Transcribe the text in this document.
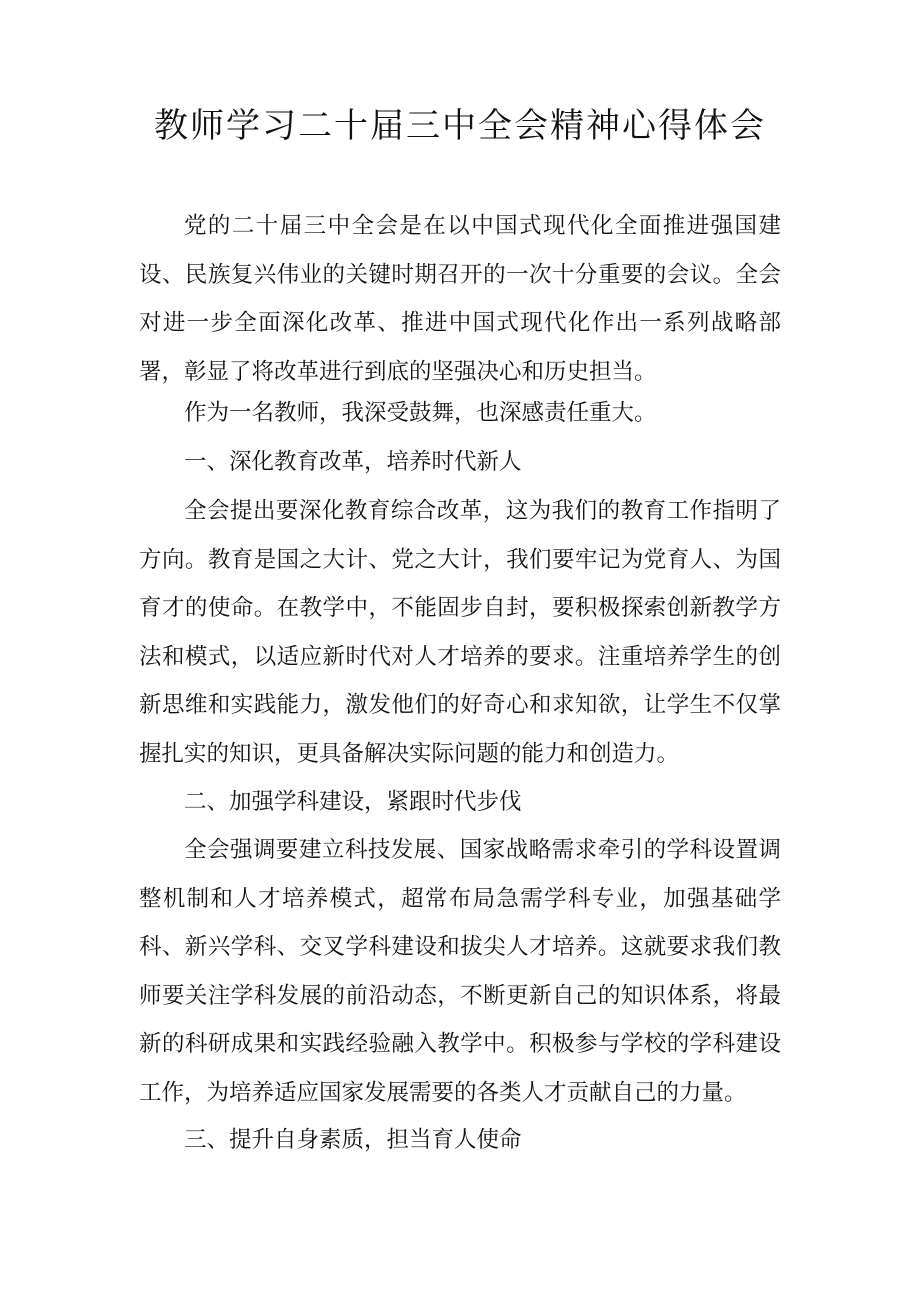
教师学习二十届三中全会精神心得体会

党的二十届三中全会是在以中国式现代化全面推进强国建设、民族复兴伟业的关键时期召开的一次十分重要的会议。全会对进一步全面深化改革、推进中国式现代化作出一系列战略部署，彰显了将改革进行到底的坚强决心和历史担当。

作为一名教师，我深受鼓舞，也深感责任重大。

一、深化教育改革，培养时代新人

全会提出要深化教育综合改革，这为我们的教育工作指明了方向。教育是国之大计、党之大计，我们要牢记为党育人、为国育才的使命。在教学中，不能固步自封，要积极探索创新教学方法和模式，以适应新时代对人才培养的要求。注重培养学生的创新思维和实践能力，激发他们的好奇心和求知欲，让学生不仅掌握扎实的知识，更具备解决实际问题的能力和创造力。

二、加强学科建设，紧跟时代步伐

全会强调要建立科技发展、国家战略需求牵引的学科设置调整机制和人才培养模式，超常布局急需学科专业，加强基础学科、新兴学科、交叉学科建设和拔尖人才培养。这就要求我们教师要关注学科发展的前沿动态，不断更新自己的知识体系，将最新的科研成果和实践经验融入教学中。积极参与学校的学科建设工作，为培养适应国家发展需要的各类人才贡献自己的力量。

三、提升自身素质，担当育人使命
